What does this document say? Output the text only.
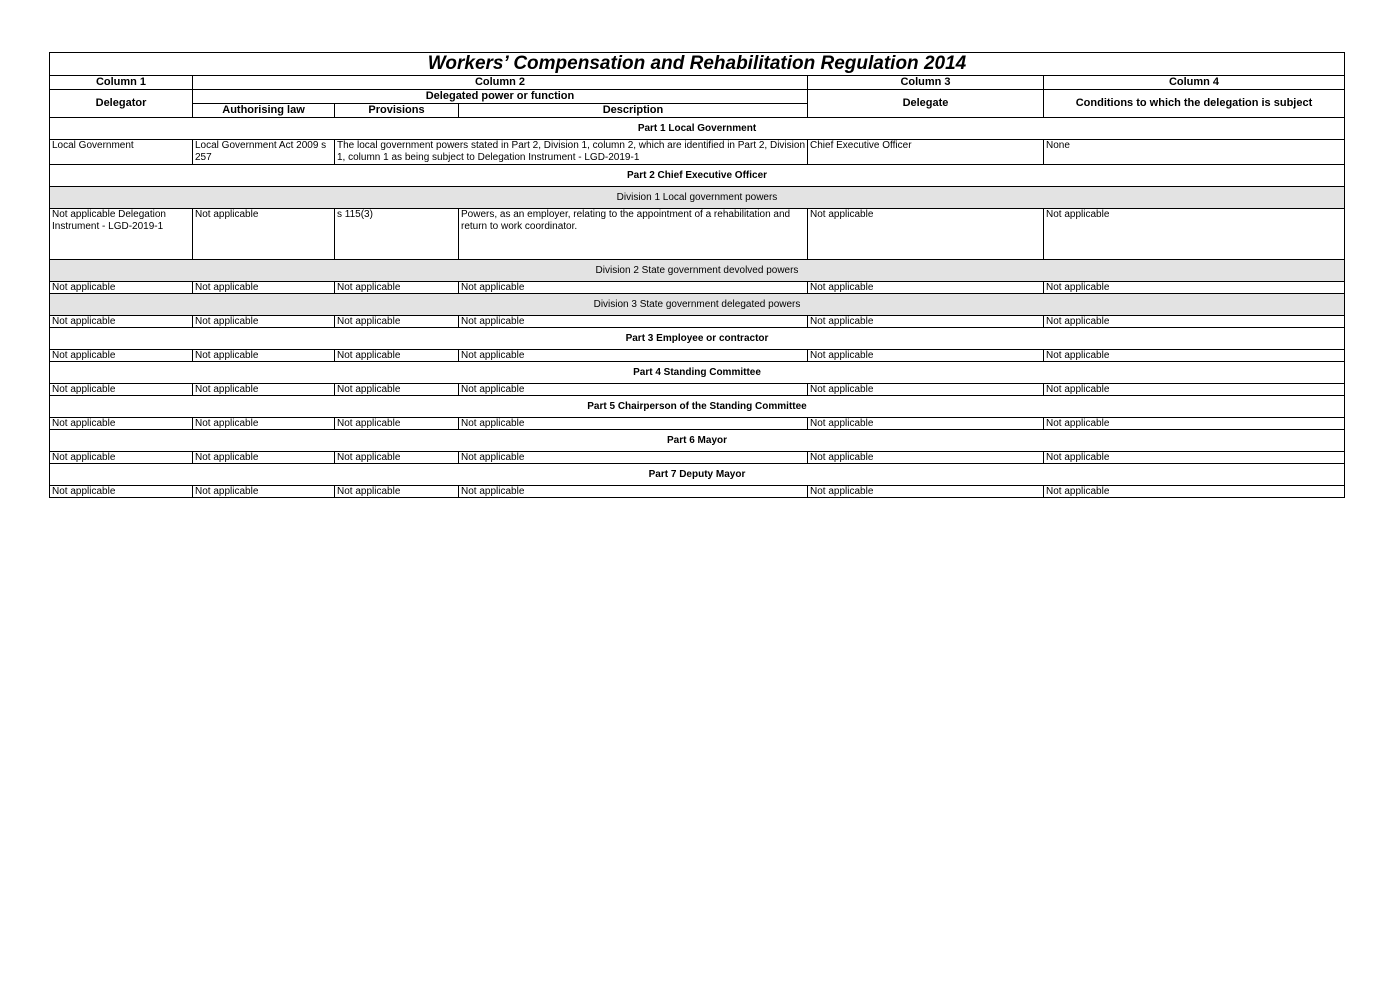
Workers’ Compensation and Rehabilitation Regulation 2014					
Column 1	Column 2			Column 3	Column 4
Delegator	Delegated power or function			Delegate	Conditions to which the delegation is subject
	Authorising law	Provisions	Description		
Part 1 Local Government					
Local Government	Local Government Act 2009 s 257	The local government powers stated in Part 2, Division 1, column 2, which are identified in Part 2, Division 1, column 1 as being subject to Delegation Instrument - LGD-2019-1		Chief Executive Officer	None
Part 2 Chief Executive Officer					
Division 1 Local government powers					
Not applicable Delegation Instrument - LGD-2019-1	Not applicable	s 115(3)	Powers, as an employer, relating to the appointment of a rehabilitation and return to work coordinator.	Not applicable	Not applicable
Division 2 State government devolved powers					
Not applicable	Not applicable	Not applicable	Not applicable	Not applicable	Not applicable
Division 3 State government delegated powers					
Not applicable	Not applicable	Not applicable	Not applicable	Not applicable	Not applicable
Part 3 Employee or contractor					
Not applicable	Not applicable	Not applicable	Not applicable	Not applicable	Not applicable
Part 4 Standing Committee					
Not applicable	Not applicable	Not applicable	Not applicable	Not applicable	Not applicable
Part 5 Chairperson of the Standing Committee					
Not applicable	Not applicable	Not applicable	Not applicable	Not applicable	Not applicable
Part 6 Mayor					
Not applicable	Not applicable	Not applicable	Not applicable	Not applicable	Not applicable
Part 7 Deputy Mayor					
Not applicable	Not applicable	Not applicable	Not applicable	Not applicable	Not applicable
